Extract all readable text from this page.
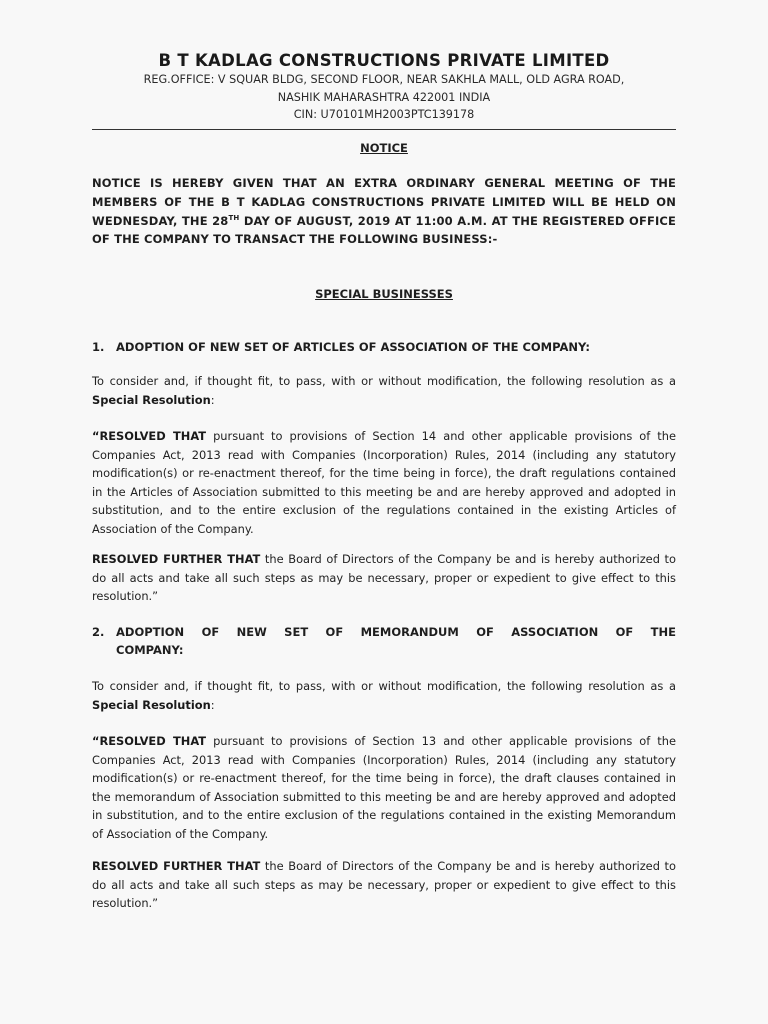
B T KADLAG CONSTRUCTIONS PRIVATE LIMITED
REG.OFFICE: V SQUAR BLDG, SECOND FLOOR, NEAR SAKHLA MALL, OLD AGRA ROAD,
NASHIK MAHARASHTRA 422001 INDIA
CIN: U70101MH2003PTC139178
NOTICE
NOTICE IS HEREBY GIVEN THAT AN EXTRA ORDINARY GENERAL MEETING OF THE MEMBERS OF THE B T KADLAG CONSTRUCTIONS PRIVATE LIMITED WILL BE HELD ON WEDNESDAY, THE 28TH DAY OF AUGUST, 2019 AT 11:00 A.M. AT THE REGISTERED OFFICE OF THE COMPANY TO TRANSACT THE FOLLOWING BUSINESS:-
SPECIAL BUSINESSES
1. ADOPTION OF NEW SET OF ARTICLES OF ASSOCIATION OF THE COMPANY:
To consider and, if thought fit, to pass, with or without modification, the following resolution as a Special Resolution:
“RESOLVED THAT pursuant to provisions of Section 14 and other applicable provisions of the Companies Act, 2013 read with Companies (Incorporation) Rules, 2014 (including any statutory modification(s) or re-enactment thereof, for the time being in force), the draft regulations contained in the Articles of Association submitted to this meeting be and are hereby approved and adopted in substitution, and to the entire exclusion of the regulations contained in the existing Articles of Association of the Company.
RESOLVED FURTHER THAT the Board of Directors of the Company be and is hereby authorized to do all acts and take all such steps as may be necessary, proper or expedient to give effect to this resolution.”
2. ADOPTION OF NEW SET OF MEMORANDUM OF ASSOCIATION OF THE
COMPANY:
To consider and, if thought fit, to pass, with or without modification, the following resolution as a Special Resolution:
“RESOLVED THAT pursuant to provisions of Section 13 and other applicable provisions of the Companies Act, 2013 read with Companies (Incorporation) Rules, 2014 (including any statutory modification(s) or re-enactment thereof, for the time being in force), the draft clauses contained in the memorandum of Association submitted to this meeting be and are hereby approved and adopted in substitution, and to the entire exclusion of the regulations contained in the existing Memorandum of Association of the Company.
RESOLVED FURTHER THAT the Board of Directors of the Company be and is hereby authorized to do all acts and take all such steps as may be necessary, proper or expedient to give effect to this resolution.”
